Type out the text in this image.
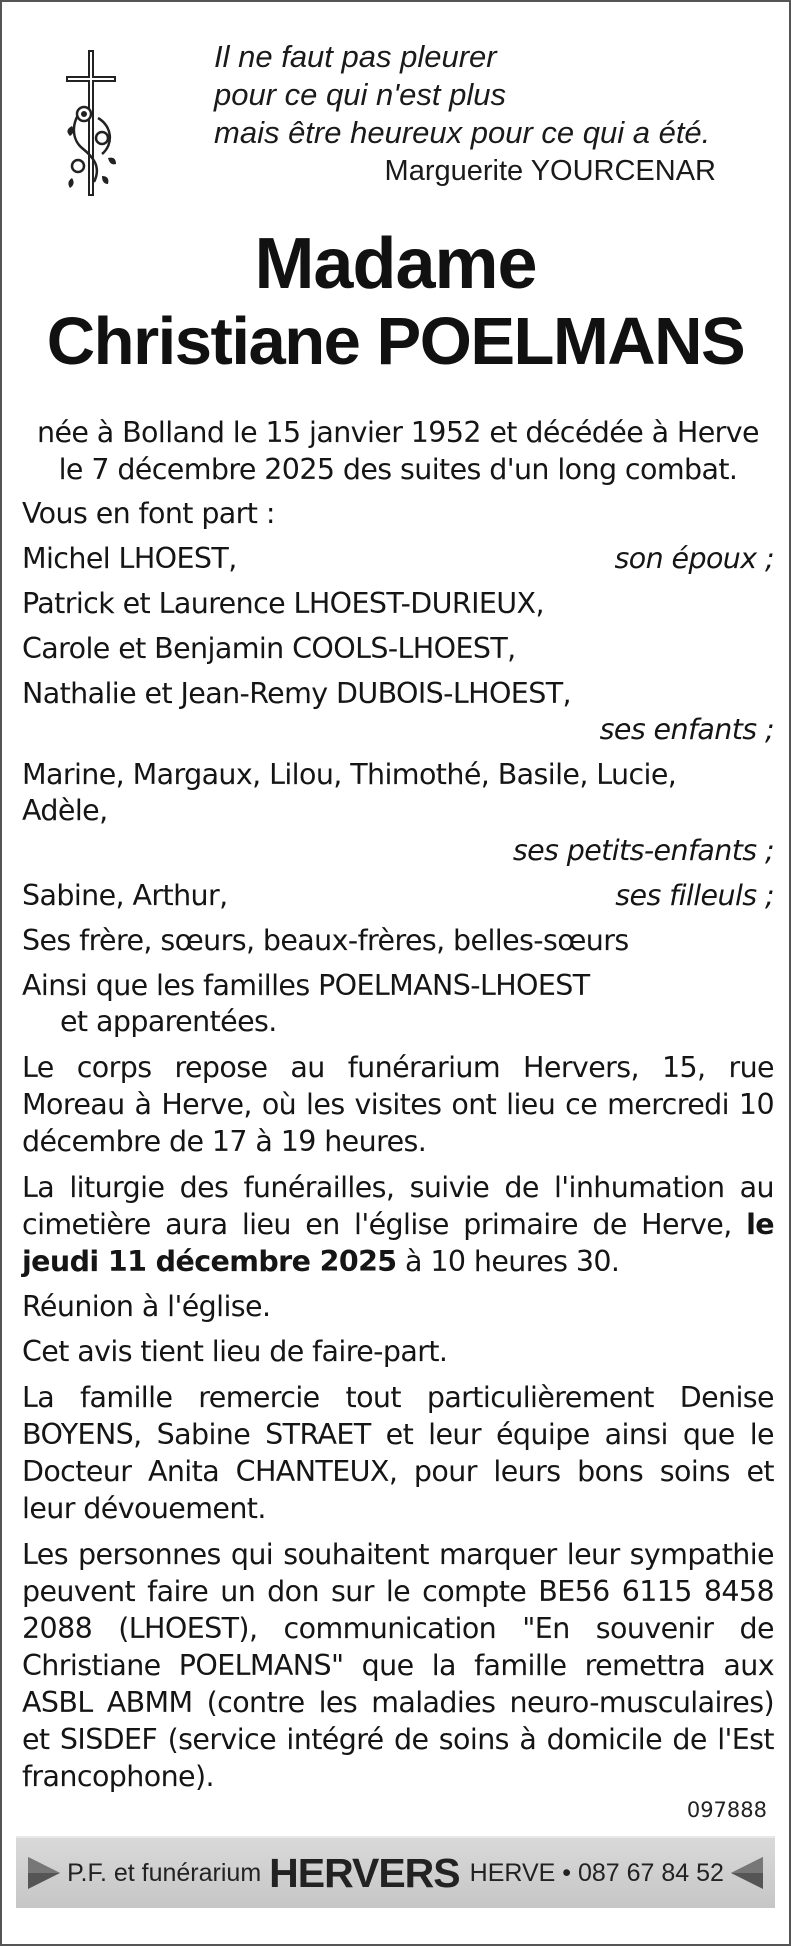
Il ne faut pas pleurer
pour ce qui n'est plus
mais être heureux pour ce qui a été.
Marguerite YOURCENAR
Madame
Christiane POELMANS
née à Bolland le 15 janvier 1952 et décédée à Herve
le 7 décembre 2025 des suites d'un long combat.
Vous en font part :
Michel LHOEST,	son époux ;
Patrick et Laurence LHOEST-DURIEUX,
Carole et Benjamin COOLS-LHOEST,
Nathalie et Jean-Remy DUBOIS-LHOEST,
ses enfants ;
Marine, Margaux, Lilou, Thimothé, Basile, Lucie,
Adèle,
ses petits-enfants ;
Sabine, Arthur,	ses filleuls ;
Ses frère, sœurs, beaux-frères, belles-sœurs
Ainsi que les familles POELMANS-LHOEST
et apparentées.
Le corps repose au funérarium Hervers, 15, rue Moreau à Herve, où les visites ont lieu ce mercredi 10 décembre de 17 à 19 heures.
La liturgie des funérailles, suivie de l'inhumation au cimetière aura lieu en l'église primaire de Herve, le jeudi 11 décembre 2025 à 10 heures 30.
Réunion à l'église.
Cet avis tient lieu de faire-part.
La famille remercie tout particulièrement Denise BOYENS, Sabine STRAET et leur équipe ainsi que le Docteur Anita CHANTEUX, pour leurs bons soins et leur dévouement.
Les personnes qui souhaitent marquer leur sympathie peuvent faire un don sur le compte BE56 6115 8458 2088 (LHOEST), communication "En souvenir de Christiane POELMANS" que la famille remettra aux ASBL ABMM (contre les maladies neuro-musculaires) et SISDEF (service intégré de soins à domicile de l'Est francophone).
097888
P.F. et funérarium HERVERS HERVE • 087 67 84 52
